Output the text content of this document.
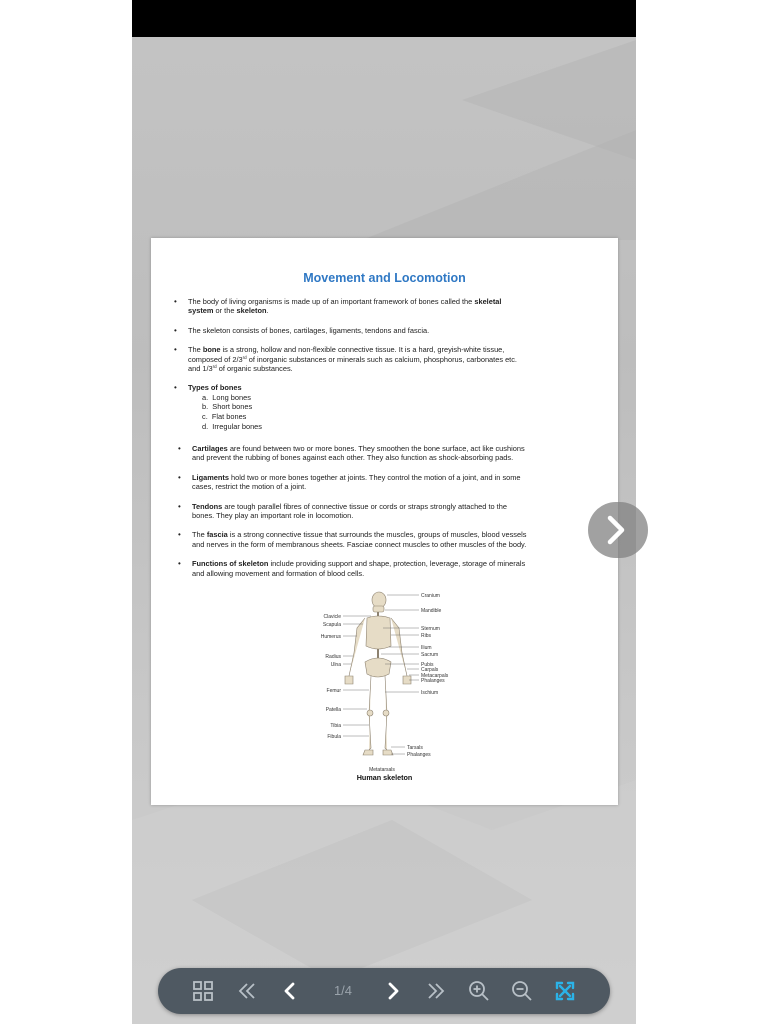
Movement and Locomotion
• The body of living organisms is made up of an important framework of bones called the skeletal
system or the skeleton.
• The skeleton consists of bones, cartilages, ligaments, tendons and fascia.
• The bone is a strong, hollow and non-flexible connective tissue. It is a hard, greyish-white tissue,
composed of 2/3rd of inorganic substances or minerals such as calcium, phosphorus, carbonates etc.
and 1/3rd of organic substances.
• Types of bones
a. Long bones
b. Short bones
c. Flat bones
d. Irregular bones
• Cartilages are found between two or more bones. They smoothen the bone surface, act like cushions
and prevent the rubbing of bones against each other. They also function as shock-absorbing pads.
• Ligaments hold two or more bones together at joints. They control the motion of a joint, and in some
cases, restrict the motion of a joint.
• Tendons are tough parallel fibres of connective tissue or cords or straps strongly attached to the
bones. They play an important role in locomotion.
• The fascia is a strong connective tissue that surrounds the muscles, groups of muscles, blood vessels
and nerves in the form of membranous sheets. Fasciae connect muscles to other muscles of the body.
• Functions of skeleton include providing support and shape, protection, leverage, storage of minerals
and allowing movement and formation of blood cells.
Cranium
Mandible
Sternum
Ribs
Ilium
Sacrum
Pubis
Carpals
Metacarpals
Phalanges
Ischium
Tarsals
Phalanges
Clavicle
Scapula
Humerus
Radius
Ulna
Femur
Patella
Tibia
Fibula
Metatarsals
Human skeleton
1/4
